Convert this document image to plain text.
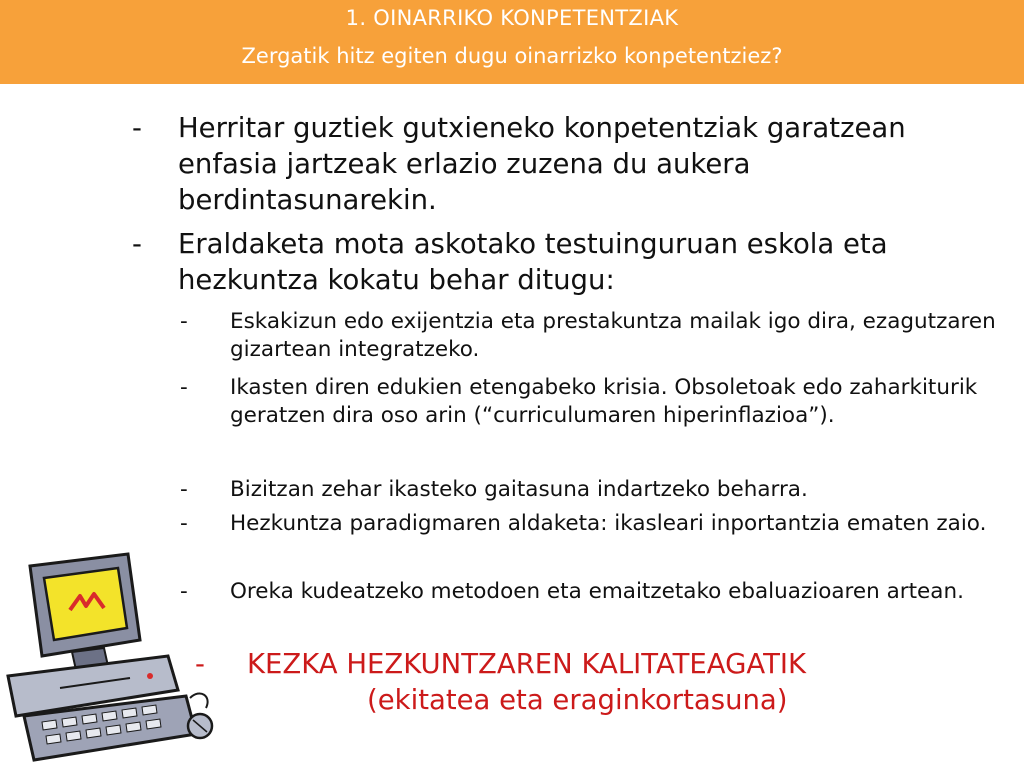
1. OINARRIKO KONPETENTZIAK
Zergatik hitz egiten dugu oinarrizko konpetentziez?
- Herritar guztiek gutxieneko konpetentziak garatzean enfasia jartzeak erlazio zuzena du aukera berdintasunarekin.
- Eraldaketa mota askotako testuinguruan eskola eta hezkuntza kokatu behar ditugu:
- Eskakizun edo exijentzia eta prestakuntza mailak igo dira, ezagutzaren gizartean integratzeko.
- Ikasten diren edukien etengabeko krisia. Obsoletoak edo zaharkiturik geratzen dira oso arin (“curriculumaren hiperinflazioa”).
- Bizitzan zehar ikasteko gaitasuna indartzeko beharra.
- Hezkuntza paradigmaren aldaketa: ikasleari inportantzia ematen zaio.
- Oreka kudeatzeko metodoen eta emaitzetako ebaluazioaren artean.
- KEZKA HEZKUNTZAREN KALITATEAGATIK
(ekitatea eta eraginkortasuna)
